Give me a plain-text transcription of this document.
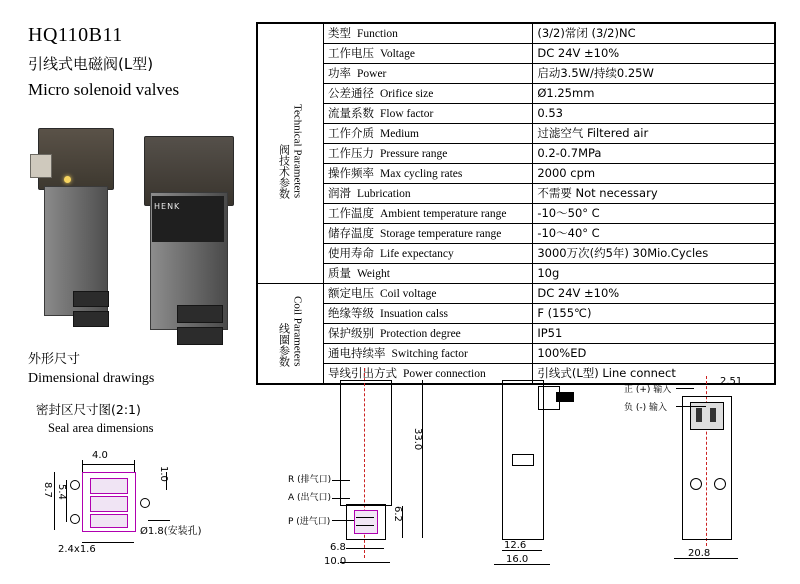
HQ110B11
引线式电磁阀(L型)
Micro solenoid valves
HENK
阀技术参数Technical Parameters	类型 Function	(3/2)常闭 (3/2)NC
	工作电压 Voltage	DC 24V ±10%
	功率 Power	启动3.5W/持续0.25W
	公差通径 Orifice size	Ø1.25mm
	流量系数 Flow factor	0.53
	工作介质 Medium	过滤空气 Filtered air
	工作压力 Pressure range	0.2-0.7MPa
	操作频率 Max cycling rates	2000 cpm
	润滑 Lubrication	不需要 Not necessary
	工作温度 Ambient temperature range	-10～50° C
	储存温度 Storage temperature range	-10～40° C
	使用寿命 Life expectancy	3000万次(约5年) 30Mio.Cycles
	质量 Weight	10g
线圈参数Coil Parameters	额定电压 Coil voltage	DC 24V ±10%
	绝缘等级 Insuation calss	F (155℃)
	保护级别 Protection degree	IP51
	通电持续率 Switching factor	100%ED
	导线引出方式 Power connection	引线式(L型) Line connect
外形尺寸
Dimensional drawings
密封区尺寸图(2:1)
Seal area dimensions
4.0
8.7 5.4
1.0
2.4x1.6
Ø1.8(安装孔)
R (排气口)
A (出气口)
P (进气口)
33.0
6.2
6.8
10.0
12.6
16.0
2.51
正 (+) 输入
负 (-) 输入
20.8
